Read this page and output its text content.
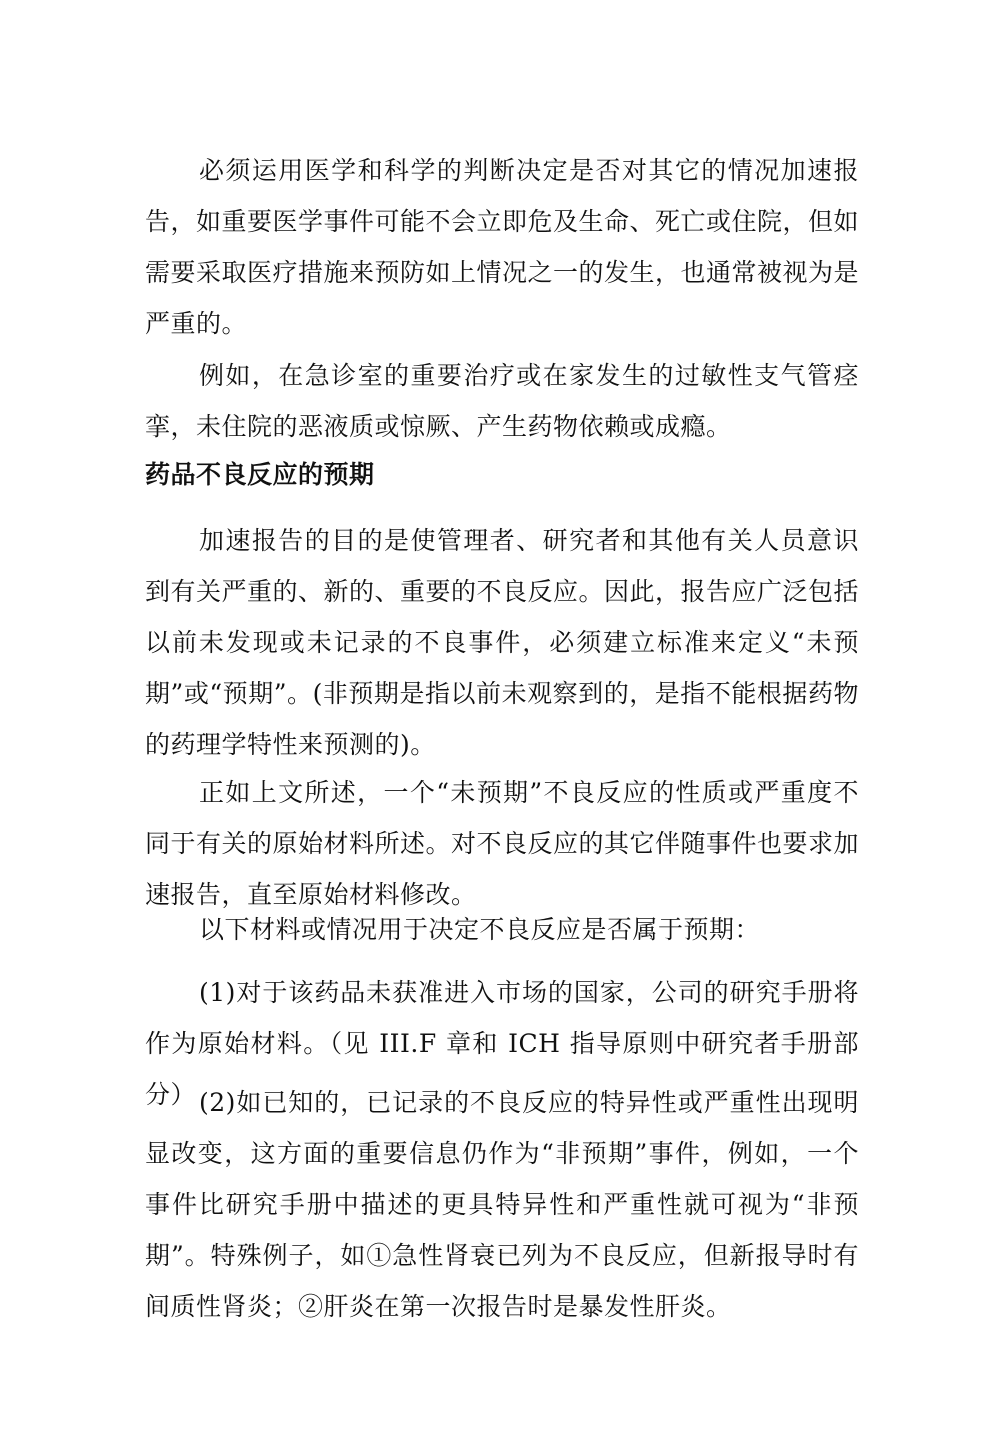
必须运用医学和科学的判断决定是否对其它的情况加速报告，如重要医学事件可能不会立即危及生命、死亡或住院，但如需要采取医疗措施来预防如上情况之一的发生，也通常被视为是严重的。

例如，在急诊室的重要治疗或在家发生的过敏性支气管痉挛，未住院的恶液质或惊厥、产生药物依赖或成瘾。

药品不良反应的预期

加速报告的目的是使管理者、研究者和其他有关人员意识到有关严重的、新的、重要的不良反应。因此，报告应广泛包括以前未发现或未记录的不良事件，必须建立标准来定义“未预期”或“预期”。(非预期是指以前未观察到的，是指不能根据药物的药理学特性来预测的)。

正如上文所述，一个“未预期”不良反应的性质或严重度不同于有关的原始材料所述。对不良反应的其它伴随事件也要求加速报告，直至原始材料修改。

以下材料或情况用于决定不良反应是否属于预期：

(1)对于该药品未获准进入市场的国家，公司的研究手册将作为原始材料。（见 III.F 章和 ICH 指导原则中研究者手册部分） (2)如已知的，已记录的不良反应的特异性或严重性出现明显改变，这方面的重要信息仍作为“非预期”事件，例如，一个事件比研究手册中描述的更具特异性和严重性就可视为“非预期”。特殊例子，如①急性肾衰已列为不良反应，但新报导时有间质性肾炎；②肝炎在第一次报告时是暴发性肝炎。
